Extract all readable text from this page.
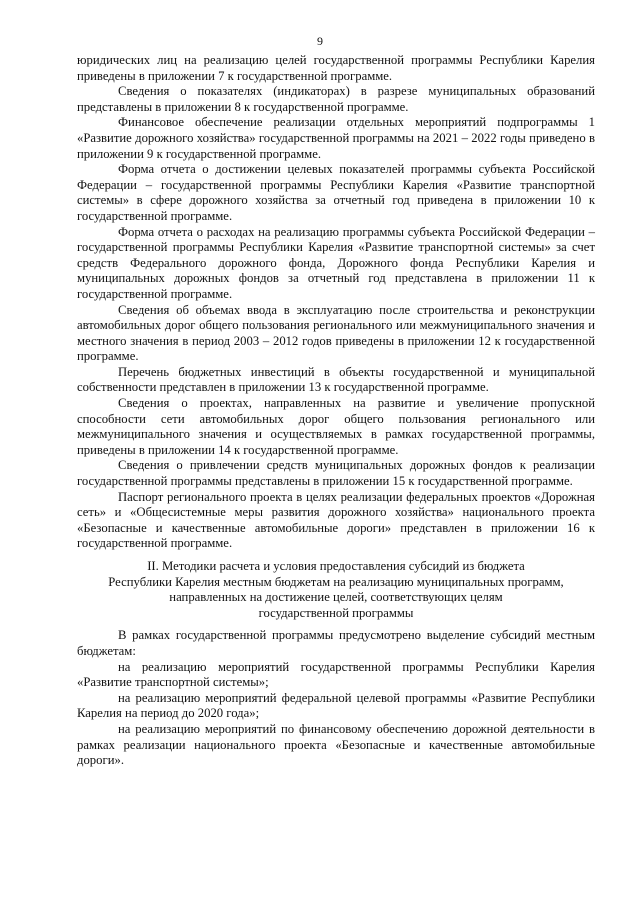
9

юридических лиц на реализацию целей государственной программы Республики Карелия приведены в приложении 7 к государственной программе.

Сведения о показателях (индикаторах) в разрезе муниципальных образований представлены в приложении 8 к государственной программе.

Финансовое обеспечение реализации отдельных мероприятий подпрограммы 1 «Развитие дорожного хозяйства» государственной программы на 2021 – 2022 годы приведено в приложении 9 к государственной программе.

Форма отчета о достижении целевых показателей программы субъекта Российской Федерации – государственной программы Республики Карелия «Развитие транспортной системы» в сфере дорожного хозяйства за отчетный год приведена в приложении 10 к государственной программе.

Форма отчета о расходах на реализацию программы субъекта Российской Федерации – государственной программы Республики Карелия «Развитие транспортной системы» за счет средств Федерального дорожного фонда, Дорожного фонда Республики Карелия и муниципальных дорожных фондов за отчетный год представлена в приложении 11 к государственной программе.

Сведения об объемах ввода в эксплуатацию после строительства и реконструкции автомобильных дорог общего пользования регионального или межмуниципального значения и местного значения в период 2003 – 2012 годов приведены в приложении 12 к государственной программе.

Перечень бюджетных инвестиций в объекты государственной и муниципальной собственности представлен в приложении 13 к государственной программе.

Сведения о проектах, направленных на развитие и увеличение пропускной способности сети автомобильных дорог общего пользования регионального или межмуниципального значения и осуществляемых в рамках государственной программы, приведены в приложении 14 к государственной программе.

Сведения о привлечении средств муниципальных дорожных фондов к реализации государственной программы представлены в приложении 15 к государственной программе.

Паспорт регионального проекта в целях реализации федеральных проектов «Дорожная сеть» и «Общесистемные меры развития дорожного хозяйства» национального проекта «Безопасные и качественные автомобильные дороги» представлен в приложении 16 к государственной программе.

II. Методики расчета и условия предоставления субсидий из бюджета
Республики Карелия местным бюджетам на реализацию муниципальных программ,
направленных на достижение целей, соответствующих целям
государственной программы

В рамках государственной программы предусмотрено выделение субсидий местным бюджетам:

на реализацию мероприятий государственной программы Республики Карелия «Развитие транспортной системы»;

на реализацию мероприятий федеральной целевой программы «Развитие Республики Карелия на период до 2020 года»;

на реализацию мероприятий по финансовому обеспечению дорожной деятельности в рамках реализации национального проекта «Безопасные и качественные автомобильные дороги».
